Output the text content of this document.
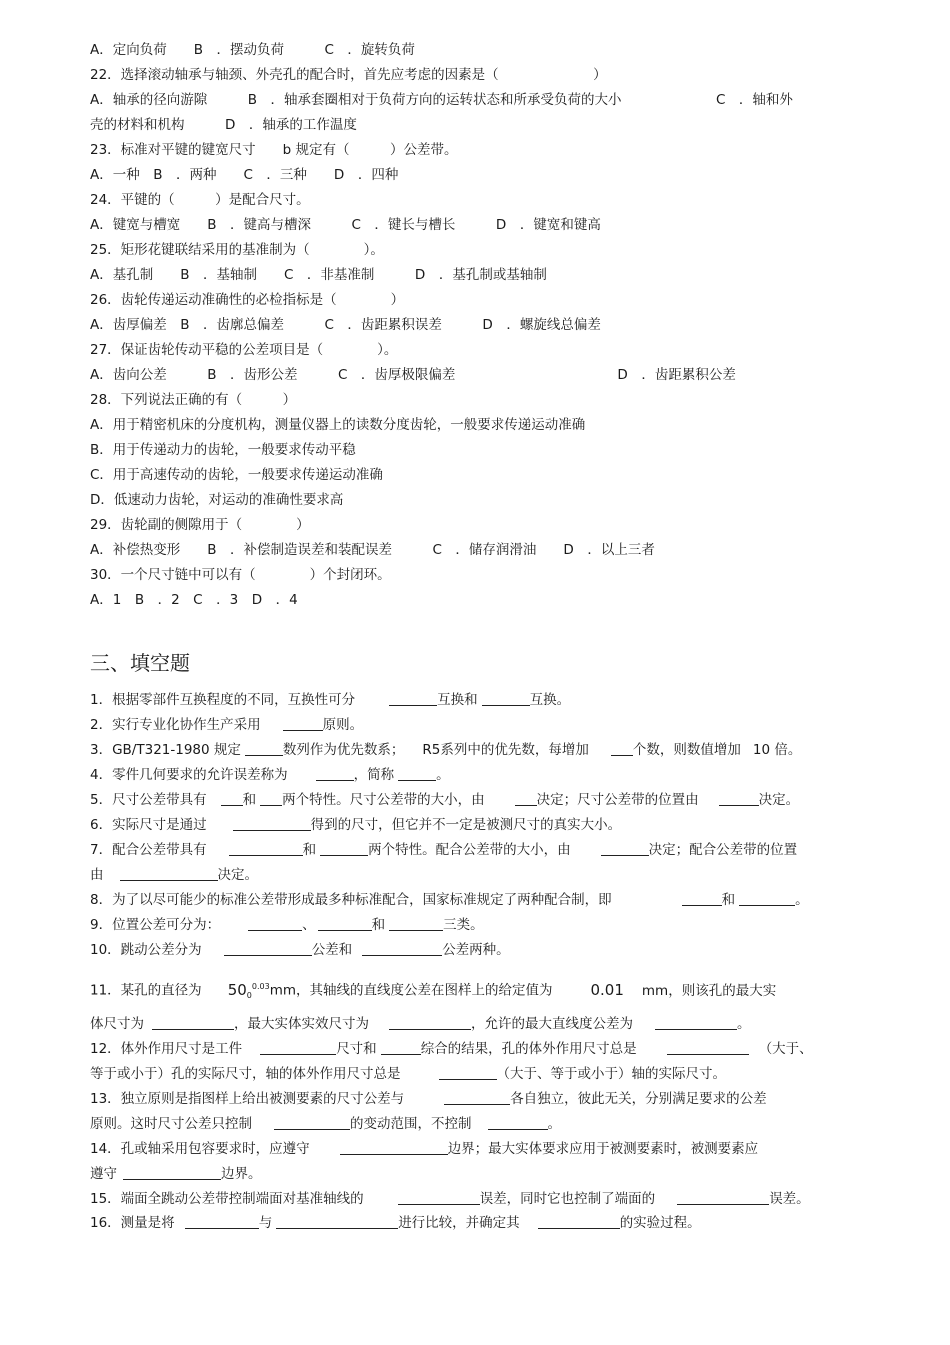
A．定向负荷　　B　．摆动负荷　　　C　．旋转负荷
22．选择滚动轴承与轴颈、外壳孔的配合时，首先应考虑的因素是（　　　　　　　）
A．轴承的径向游隙　　　B　．轴承套圈相对于负荷方向的运转状态和所承受负荷的大小　　　　　　　C　．轴和外
壳的材料和机构　　　D　．轴承的工作温度
23．标准对平键的键宽尺寸　　b 规定有（　　　）公差带。
A．一种　B　．两种　　C　．三种　　D　．四种
24．平键的（　　　）是配合尺寸。
A．键宽与槽宽　　B　．键高与槽深　　　C　．键长与槽长　　　D　．键宽和键高
25．矩形花键联结采用的基准制为（　　　　）。
A．基孔制　　B　．基轴制　　C　．非基准制　　　D　．基孔制或基轴制
26．齿轮传递运动准确性的必检指标是（　　　　）
A．齿厚偏差　B　．齿廓总偏差　　　C　．齿距累积误差　　　D　．螺旋线总偏差
27．保证齿轮传动平稳的公差项目是（　　　　）。
A．齿向公差　　　B　．齿形公差　　　C　．齿厚极限偏差　　　　　　　　　　　　D　．齿距累积公差
28．下列说法正确的有（　　　）
A．用于精密机床的分度机构，测量仪器上的读数分度齿轮，一般要求传递运动准确
B．用于传递动力的齿轮，一般要求传动平稳
C．用于高速传动的齿轮，一般要求传递运动准确
D．低速动力齿轮，对运动的准确性要求高
29．齿轮副的侧隙用于（　　　　）
A．补偿热变形　　B　．补偿制造误差和装配误差　　　C　．储存润滑油　　D　．以上三者
30．一个尺寸链中可以有（　　　　）个封闭环。
A．1　B　．2　C　．3　D　．4
三、填空题
1．根据零部件互换程度的不同，互换性可分	互换和	互换。
2．实行专业化协作生产采用	原则。
3．GB/T321-1980 规定	数列作为优先数系； R5系列中的优先数，每增加	个数，则数值增加 10 倍。
4．零件几何要求的允许误差称为	，简称	。
5．尺寸公差带具有	和 两个特性。尺寸公差带的大小，由	决定；尺寸公差带的位置由	决定。
6．实际尺寸是通过	得到的尺寸，但它并不一定是被测尺寸的真实大小。
7．配合公差带具有	和	两个特性。配合公差带的大小，由	决定；配合公差带的位置
由	决定。
8．为了以尽可能少的标准公差带形成最多种标准配合，国家标准规定了两种配合制，即	和	。
9．位置公差可分为：	、	和	三类。
10．跳动公差分为	公差和	公差两种。
11．某孔的直径为 $50_0^{0.03}mm$，其轴线的直线度公差在图样上的给定值为	0.01 mm，则该孔的最大实
体尺寸为	，最大实体实效尺寸为	，允许的最大直线度公差为	。
12．体外作用尺寸是工件	尺寸和	综合的结果，孔的体外作用尺寸总是	（大于、
等于或小于）孔的实际尺寸，轴的体外作用尺寸总是	（大于、等于或小于）轴的实际尺寸。
13．独立原则是指图样上给出被测要素的尺寸公差与	各自独立，彼此无关，分别满足要求的公差
原则。这时尺寸公差只控制	的变动范围，不控制	。
14．孔或轴采用包容要求时，应遵守	边界；最大实体要求应用于被测要素时，被测要素应
遵守	边界。
15．端面全跳动公差带控制端面对基准轴线的	误差，同时它也控制了端面的	误差。
16．测量是将	与	进行比较，并确定其	的实验过程。
